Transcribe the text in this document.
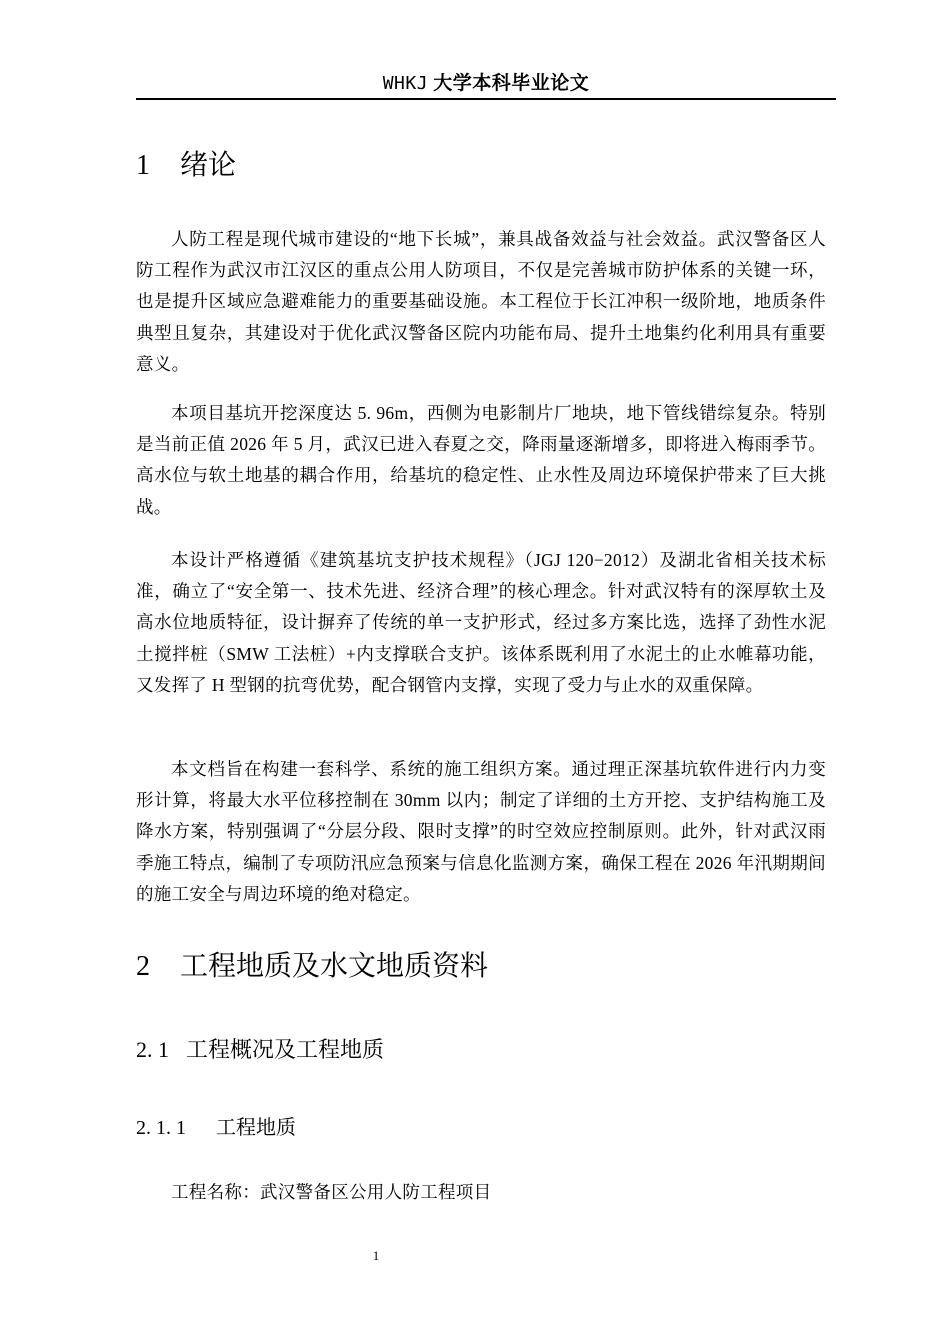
WHKJ 大学本科毕业论文
1 绪论

人防工程是现代城市建设的“地下长城”，兼具战备效益与社会效益。武汉警备区人防工程作为武汉市江汉区的重点公用人防项目，不仅是完善城市防护体系的关键一环，也是提升区域应急避难能力的重要基础设施。本工程位于长江冲积一级阶地，地质条件典型且复杂，其建设对于优化武汉警备区院内功能布局、提升土地集约化利用具有重要意义。

本项目基坑开挖深度达 5. 96m，西侧为电影制片厂地块，地下管线错综复杂。特别是当前正值 2026 年 5 月，武汉已进入春夏之交，降雨量逐渐增多，即将进入梅雨季节。高水位与软土地基的耦合作用，给基坑的稳定性、止水性及周边环境保护带来了巨大挑战。

本设计严格遵循《建筑基坑支护技术规程》（JGJ 120−2012）及湖北省相关技术标准，确立了“安全第一、技术先进、经济合理”的核心理念。针对武汉特有的深厚软土及高水位地质特征，设计摒弃了传统的单一支护形式，经过多方案比选，选择了劲性水泥土搅拌桩（SMW 工法桩）+内支撑联合支护。该体系既利用了水泥土的止水帷幕功能，又发挥了 H 型钢的抗弯优势，配合钢管内支撑，实现了受力与止水的双重保障。

本文档旨在构建一套科学、系统的施工组织方案。通过理正深基坑软件进行内力变形计算，将最大水平位移控制在 30mm 以内；制定了详细的土方开挖、支护结构施工及降水方案，特别强调了“分层分段、限时支撑”的时空效应控制原则。此外，针对武汉雨季施工特点，编制了专项防汛应急预案与信息化监测方案，确保工程在 2026 年汛期期间的施工安全与周边环境的绝对稳定。

2 工程地质及水文地质资料
2. 1 工程概况及工程地质
2. 1. 1 工程地质

工程名称：武汉警备区公用人防工程项目

1
